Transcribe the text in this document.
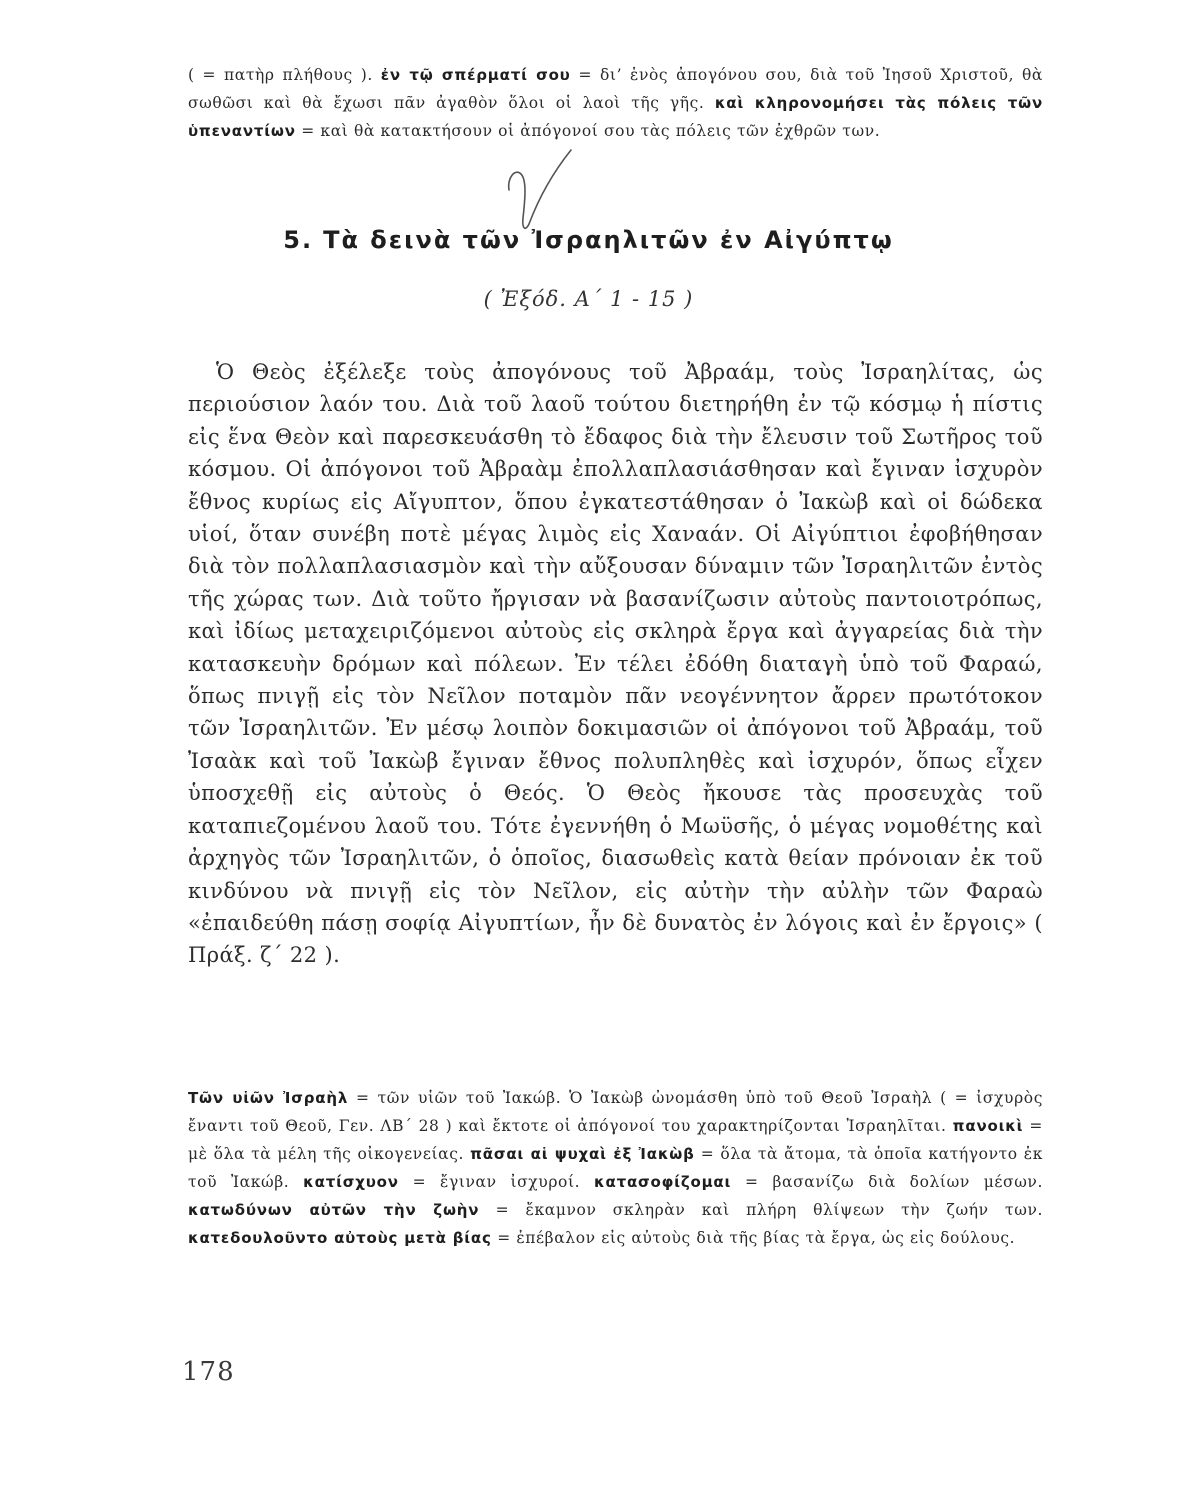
( = πατὴρ πλήθους ). ἐν τῷ σπέρματί σου = δι’ ἑνὸς ἀπογόνου σου, διὰ τοῦ Ἰησοῦ Χριστοῦ, θὰ σωθῶσι καὶ θὰ ἔχωσι πᾶν ἀγαθὸν ὅλοι οἱ λαοὶ τῆς γῆς. καὶ κληρονομήσει τὰς πόλεις τῶν ὑπεναντίων = καὶ θὰ κατακτήσουν οἱ ἀπόγονοί σου τὰς πόλεις τῶν ἐχθρῶν των.

5. Τὰ δεινὰ τῶν Ἰσραηλιτῶν ἐν Αἰγύπτῳ

( Ἐξόδ. Α΄ 1 - 15 )

Ὁ Θεὸς ἐξέλεξε τοὺς ἀπογόνους τοῦ Ἀβραάμ, τοὺς Ἰσραηλίτας, ὡς περιούσιον λαόν του. Διὰ τοῦ λαοῦ τούτου διετηρήθη ἐν τῷ κόσμῳ ἡ πίστις εἰς ἕνα Θεὸν καὶ παρεσκευάσθη τὸ ἔδαφος διὰ τὴν ἔλευσιν τοῦ Σωτῆρος τοῦ κόσμου. Οἱ ἀπόγονοι τοῦ Ἀβραὰμ ἐπολλαπλασιάσθησαν καὶ ἔγιναν ἰσχυρὸν ἔθνος κυρίως εἰς Αἴγυπτον, ὅπου ἐγκατεστάθησαν ὁ Ἰακὼβ καὶ οἱ δώδεκα υἱοί, ὅταν συνέβη ποτὲ μέγας λιμὸς εἰς Χαναάν. Οἱ Αἰγύπτιοι ἐφοβήθησαν διὰ τὸν πολλαπλασιασμὸν καὶ τὴν αὔξουσαν δύναμιν τῶν Ἰσραηλιτῶν ἐντὸς τῆς χώρας των. Διὰ τοῦτο ἤργισαν νὰ βασανίζωσιν αὐτοὺς παντοιοτρόπως, καὶ ἰδίως μεταχειριζόμενοι αὐτοὺς εἰς σκληρὰ ἔργα καὶ ἀγγαρείας διὰ τὴν κατασκευὴν δρόμων καὶ πόλεων. Ἐν τέλει ἐδόθη διαταγὴ ὑπὸ τοῦ Φαραώ, ὅπως πνιγῇ εἰς τὸν Νεῖλον ποταμὸν πᾶν νεογέννητον ἄρρεν πρωτότοκον τῶν Ἰσραηλιτῶν. Ἐν μέσῳ λοιπὸν δοκιμασιῶν οἱ ἀπόγονοι τοῦ Ἀβραάμ, τοῦ Ἰσαὰκ καὶ τοῦ Ἰακὼβ ἔγιναν ἔθνος πολυπληθὲς καὶ ἰσχυρόν, ὅπως εἶχεν ὑποσχεθῇ εἰς αὐτοὺς ὁ Θεός. Ὁ Θεὸς ἤκουσε τὰς προσευχὰς τοῦ καταπιεζομένου λαοῦ του. Τότε ἐγεννήθη ὁ Μωϋσῆς, ὁ μέγας νομοθέτης καὶ ἀρχηγὸς τῶν Ἰσραηλιτῶν, ὁ ὁποῖος, διασωθεὶς κατὰ θείαν πρόνοιαν ἐκ τοῦ κινδύνου νὰ πνιγῇ εἰς τὸν Νεῖλον, εἰς αὐτὴν τὴν αὐλὴν τῶν Φαραὼ «ἐπαιδεύθη πάσῃ σοφίᾳ Αἰγυπτίων, ἦν δὲ δυνατὸς ἐν λόγοις καὶ ἐν ἔργοις» ( Πράξ. ζ΄ 22 ).

Τῶν υἱῶν Ἰσραὴλ = τῶν υἱῶν τοῦ Ἰακώβ. Ὁ Ἰακὼβ ὠνομάσθη ὑπὸ τοῦ Θεοῦ Ἰσραὴλ ( = ἰσχυρὸς ἔναντι τοῦ Θεοῦ, Γεν. ΛΒ΄ 28 ) καὶ ἔκτοτε οἱ ἀπόγονοί του χαρακτηρίζονται Ἰσραηλῖται. πανοικὶ = μὲ ὅλα τὰ μέλη τῆς οἰκογενείας. πᾶσαι αἱ ψυχαὶ ἐξ Ἰακὼβ = ὅλα τὰ ἄτομα, τὰ ὁποῖα κατήγοντο ἐκ τοῦ Ἰακώβ. κατίσχυον = ἔγιναν ἰσχυροί. κατασοφίζομαι = βασανίζω διὰ δολίων μέσων. κατωδύνων αὐτῶν τὴν ζωὴν = ἔκαμνον σκληρὰν καὶ πλήρη θλίψεων τὴν ζωήν των. κατεδουλοῦντο αὐτοὺς μετὰ βίας = ἐπέβαλον εἰς αὐτοὺς διὰ τῆς βίας τὰ ἔργα, ὡς εἰς δούλους.

178
